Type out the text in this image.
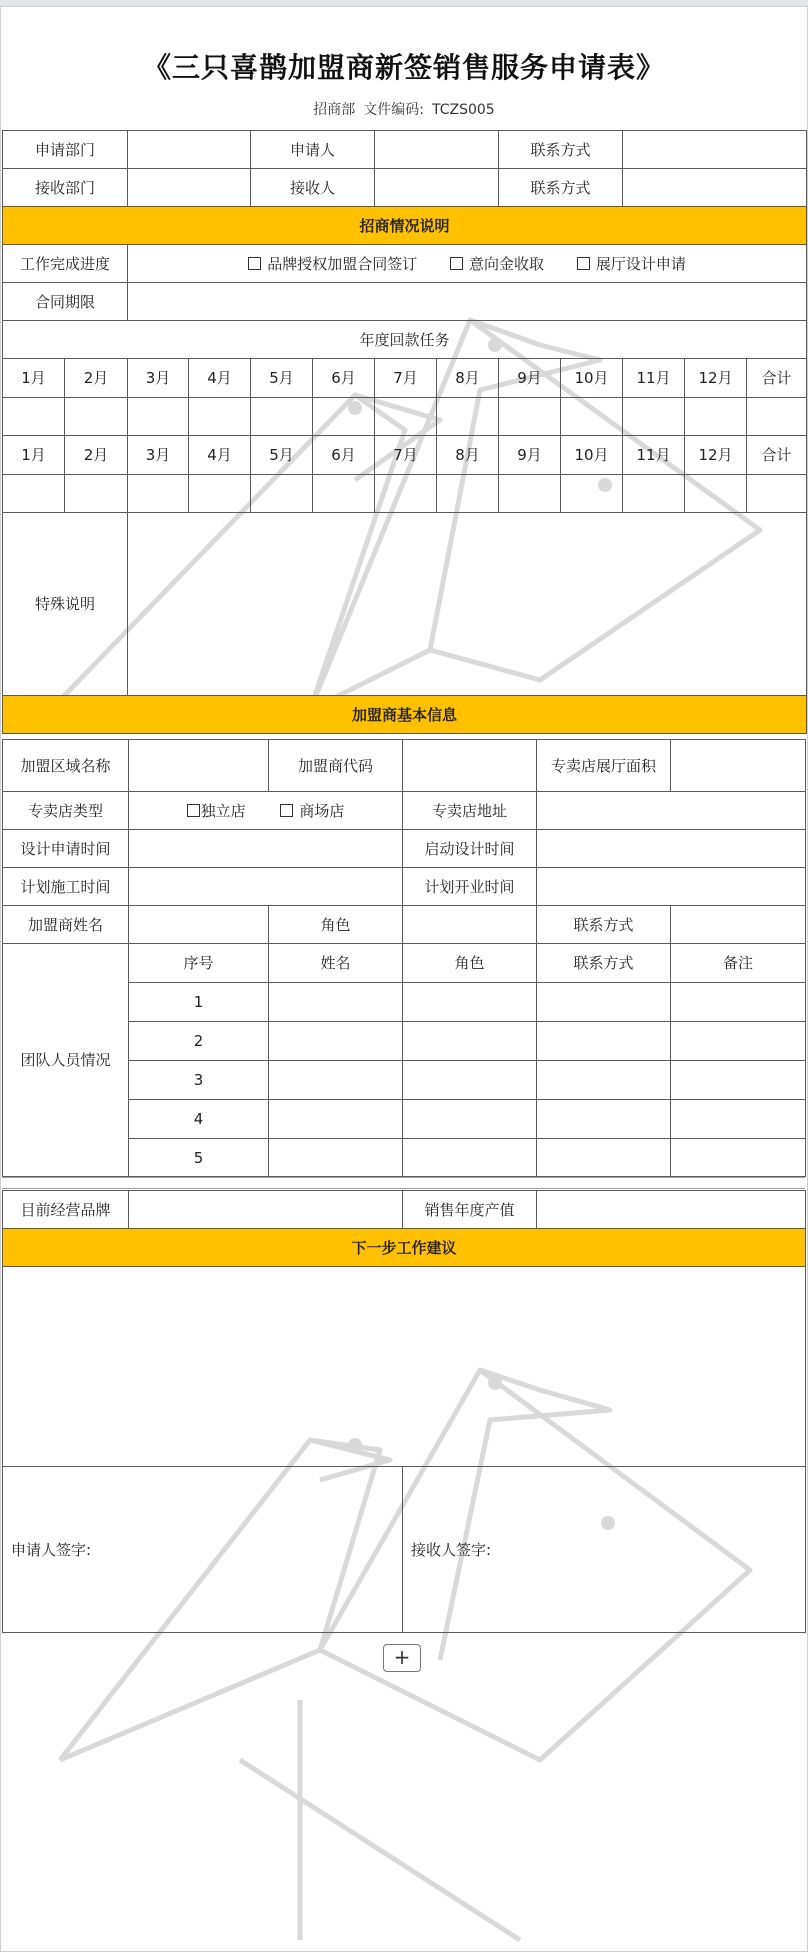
《三只喜鹊加盟商新签销售服务申请表》
招商部 文件编码: TCZS005
申请部门				申请人				联系方式				
接收部门				接收人				联系方式				
招商情况说明												
工作完成进度		品牌授权加盟合同签订 意向金收取 展厅设计申请										
合同期限												
年度回款任务												
1月	2月	3月	4月	5月	6月	7月	8月	9月	10月	11月	12月	合计

1月	2月	3月	4月	5月	6月	7月	8月	9月	10月	11月	12月	合计

特殊说明												
加盟商基本信息												
加盟区域名称		加盟商代码		专卖店展厅面积	
专卖店类型	独立店 商场店		专卖店地址		
设计申请时间			启动设计时间		
计划施工时间			计划开业时间		
加盟商姓名		角色		联系方式	
团队人员情况	序号	姓名	角色	联系方式	备注
	1				
	2				
	3				
	4				
	5				
目前经营品牌		销售年度产值	
下一步工作建议			

申请人签字:		接收人签字:	
+
